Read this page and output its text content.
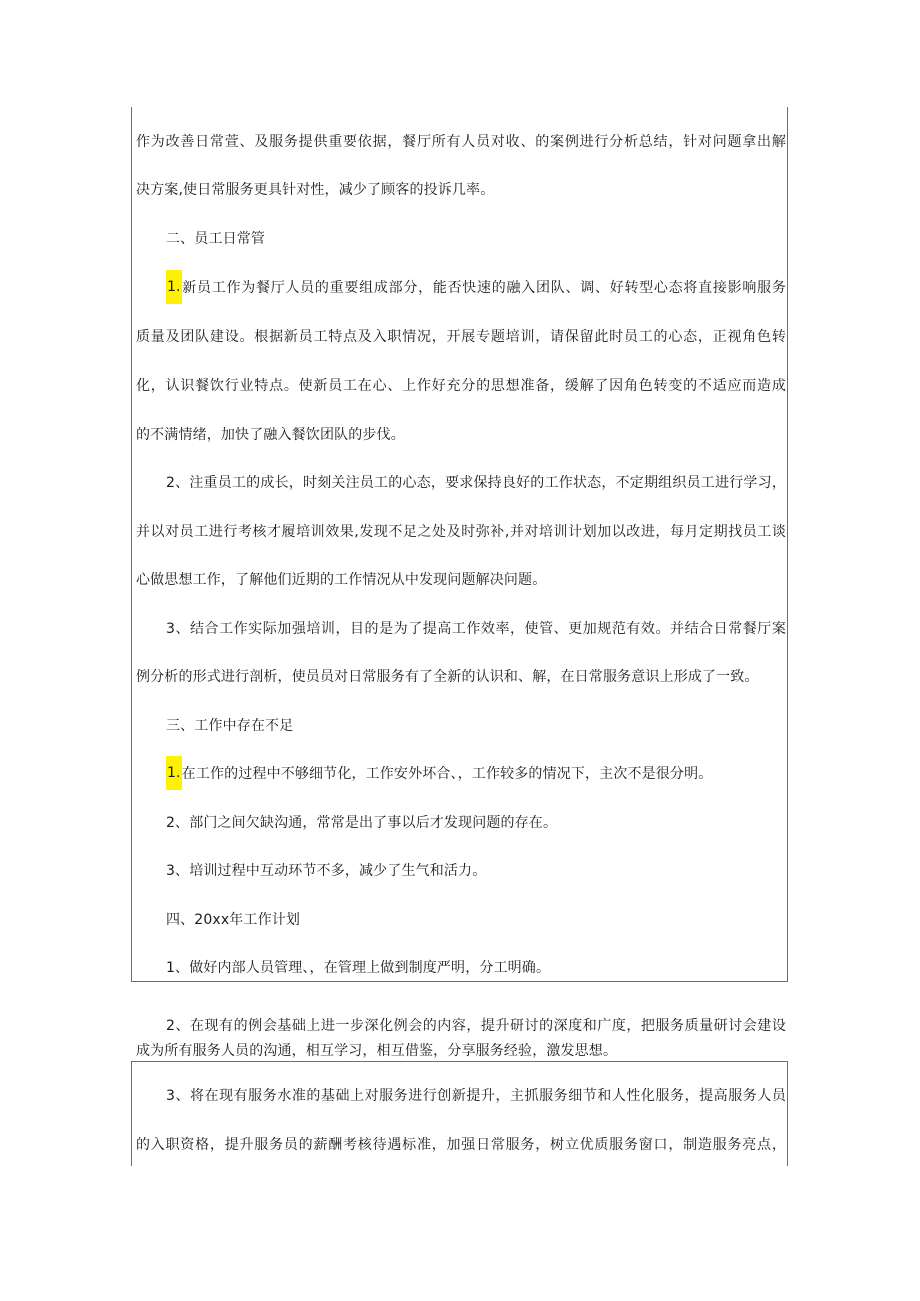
作为改善日常萱、及服务提供重要依据，餐厅所有人员对收、的案例进行分析总结，针对问题拿出解
决方案,使日常服务更具针对性，减少了顾客的投诉几率。
二、员工日常管
1.新员工作为餐厅人员的重要组成部分，能否快速的融入团队、调、好转型心态将直接影响服务
质量及团队建设。根据新员工特点及入职情况，开展专题培训，请保留此时员工的心态，正视角色转
化，认识餐饮行业特点。使新员工在心、上作好充分的思想准备，缓解了因角色转变的不适应而造成
的不满情绪，加快了融入餐饮团队的步伐。
2、注重员工的成长，时刻关注员工的心态，要求保持良好的工作状态，不定期组织员工进行学习，
并以对员工进行考核才履培训效果,发现不足之处及时弥补,并对培训计划加以改进，每月定期找员工谈
心做思想工作，了解他们近期的工作情况从中发现问题解决问题。
3、结合工作实际加强培训，目的是为了提高工作效率，使管、更加规范有效。并结合日常餐厅案
例分析的形式进行剖析，使员员对日常服务有了全新的认识和、解，在日常服务意识上形成了一致。
三、工作中存在不足
1.在工作的过程中不够细节化，工作安外坏合、，工作较多的情况下，主次不是很分明。
2、部门之间欠缺沟通，常常是出了事以后才发现问题的存在。
3、培训过程中互动环节不多，减少了生气和活力。
四、20xx年工作计划
1、做好内部人员管理、，在管理上做到制度严明，分工明确。
2、在现有的例会基础上进一步深化例会的内容，提升研讨的深度和广度，把服务质量研讨会建设
成为所有服务人员的沟通，相互学习，相互借鉴，分享服务经验，激发思想。
3、将在现有服务水准的基础上对服务进行创新提升，主抓服务细节和人性化服务，提高服务人员
的入职资格，提升服务员的薪酬考核待遇标准，加强日常服务，树立优质服务窗口，制造服务亮点，
